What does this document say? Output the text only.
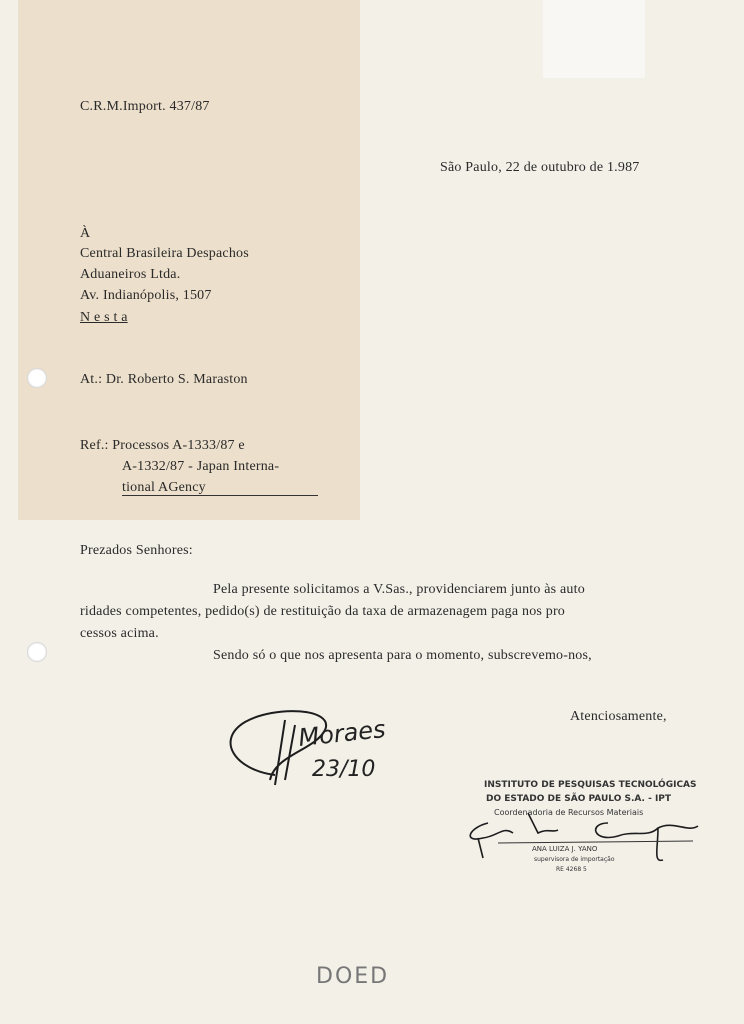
C.R.M.Import. 437/87
São Paulo, 22 de outubro de 1.987
À
Central Brasileira Despachos
Aduaneiros Ltda.
Av. Indianópolis, 1507
N e s t a
At.: Dr. Roberto S. Maraston
Ref.: Processos A-1333/87 e
A-1332/87 - Japan Interna-
tional AGency
Prezados Senhores:
Pela presente solicitamos a V.Sas., providenciarem junto às auto
ridades competentes, pedido(s) de restituição da taxa de armazenagem paga nos pro
cessos acima.
Sendo só o que nos apresenta para o momento, subscrevemo-nos,
Atenciosamente,
Moraes
23/10
INSTITUTO DE PESQUISAS TECNOLÓGICAS
DO ESTADO DE SÃO PAULO S.A. - IPT
Coordenadoria de Recursos Materiais
ANA LUIZA J. YANO
supervisora de importação
RE 4268 5
DOED
